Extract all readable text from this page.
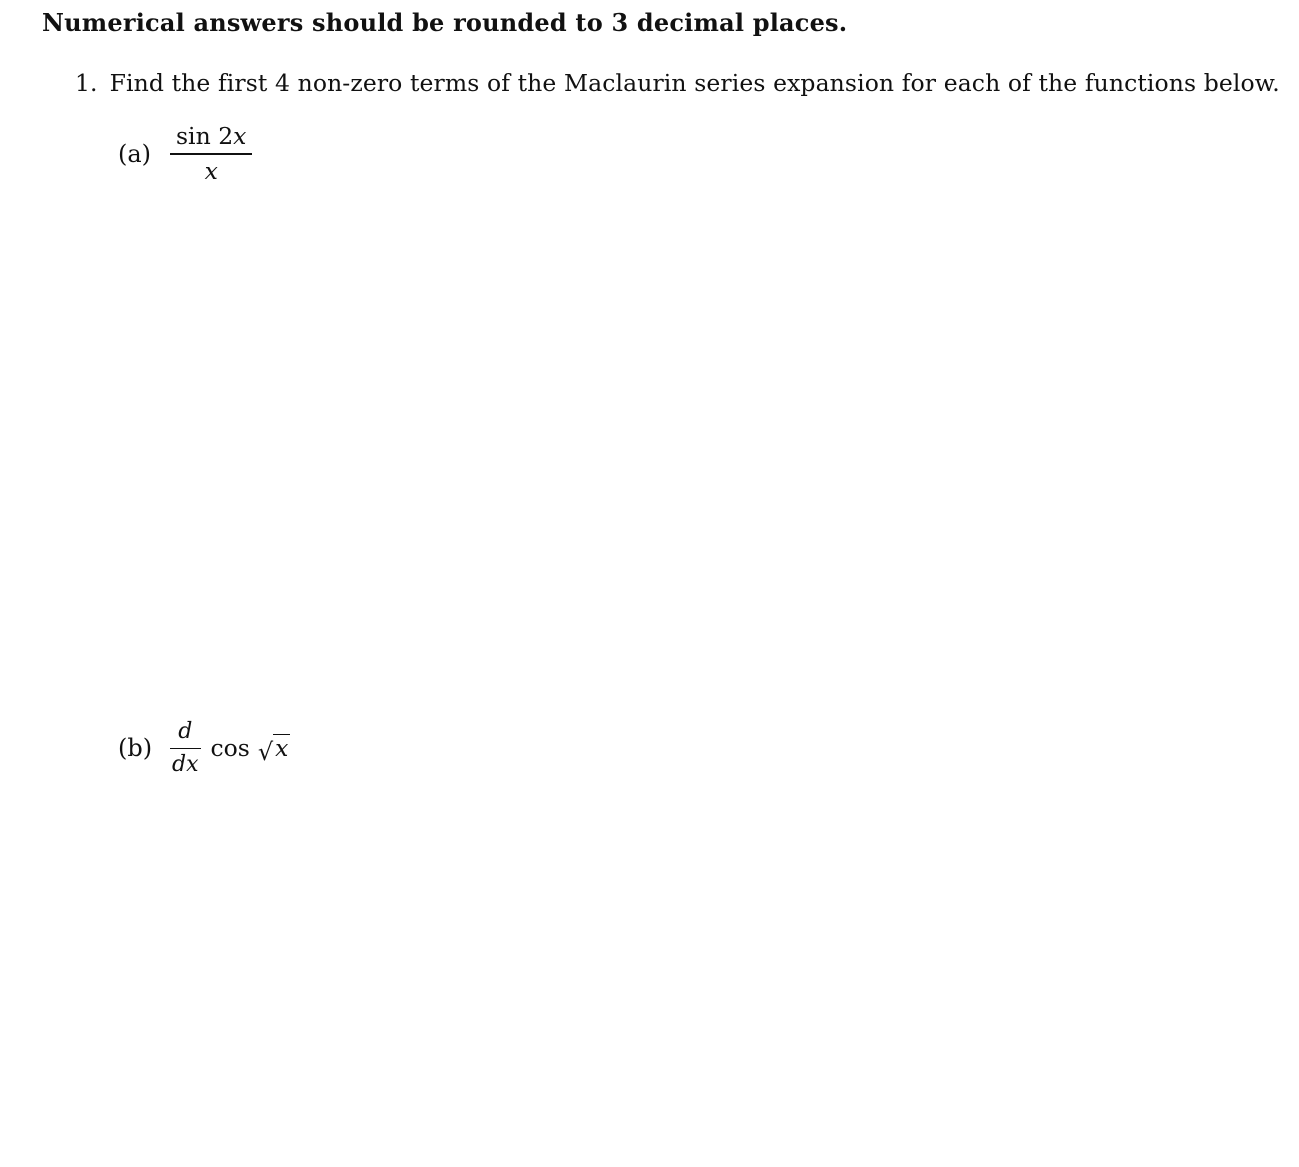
Numerical answers should be rounded to 3 decimal places.
1. Find the first 4 non-zero terms of the Maclaurin series expansion for each of the functions below.
$(a) \frac{\sin 2x}{x}$
$(b) \frac{d}{dx}$ cos √ x
